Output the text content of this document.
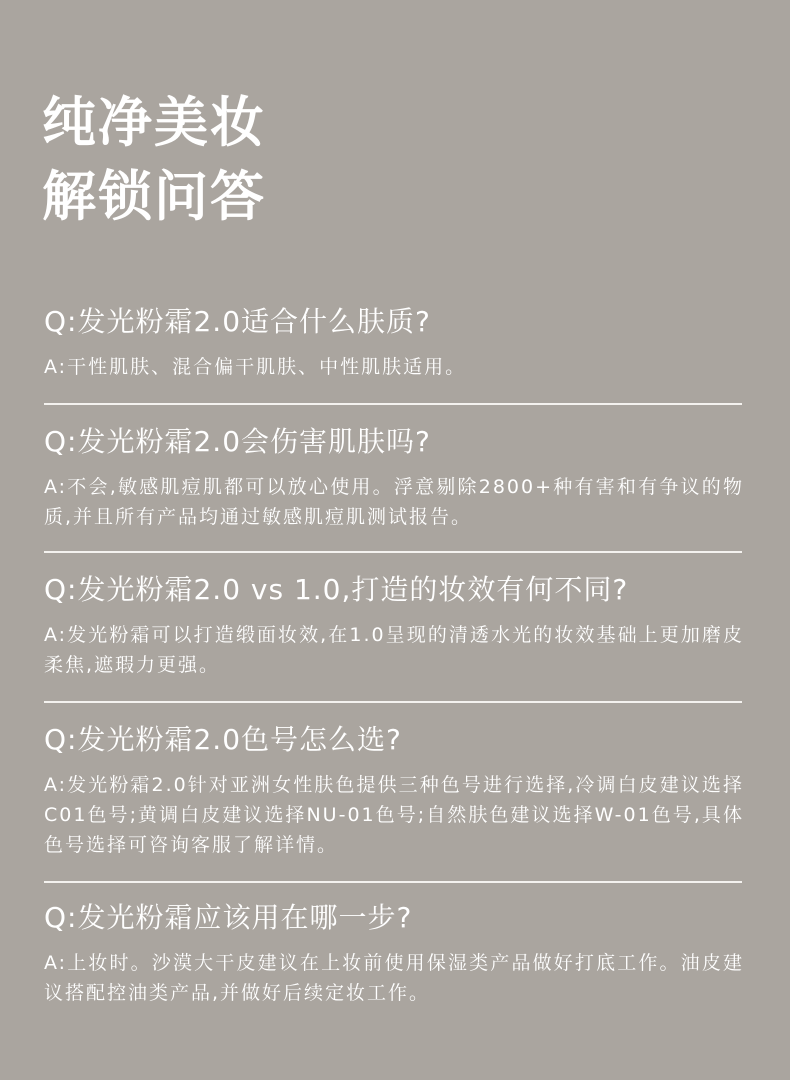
纯净美妆
解锁问答
Q:发光粉霜2.0适合什么肤质?
A:干性肌肤、混合偏干肌肤、中性肌肤适用。
Q:发光粉霜2.0会伤害肌肤吗?
A:不会,敏感肌痘肌都可以放心使用。浮意剔除2800+种有害和有争议的物质,并且所有产品均通过敏感肌痘肌测试报告。
Q:发光粉霜2.0 vs 1.0,打造的妆效有何不同?
A:发光粉霜可以打造缎面妆效,在1.0呈现的清透水光的妆效基础上更加磨皮柔焦,遮瑕力更强。
Q:发光粉霜2.0色号怎么选?
A:发光粉霜2.0针对亚洲女性肤色提供三种色号进行选择,冷调白皮建议选择C01色号;黄调白皮建议选择NU-01色号;自然肤色建议选择W-01色号,具体色号选择可咨询客服了解详情。
Q:发光粉霜应该用在哪一步?
A:上妆时。沙漠大干皮建议在上妆前使用保湿类产品做好打底工作。油皮建议搭配控油类产品,并做好后续定妆工作。
